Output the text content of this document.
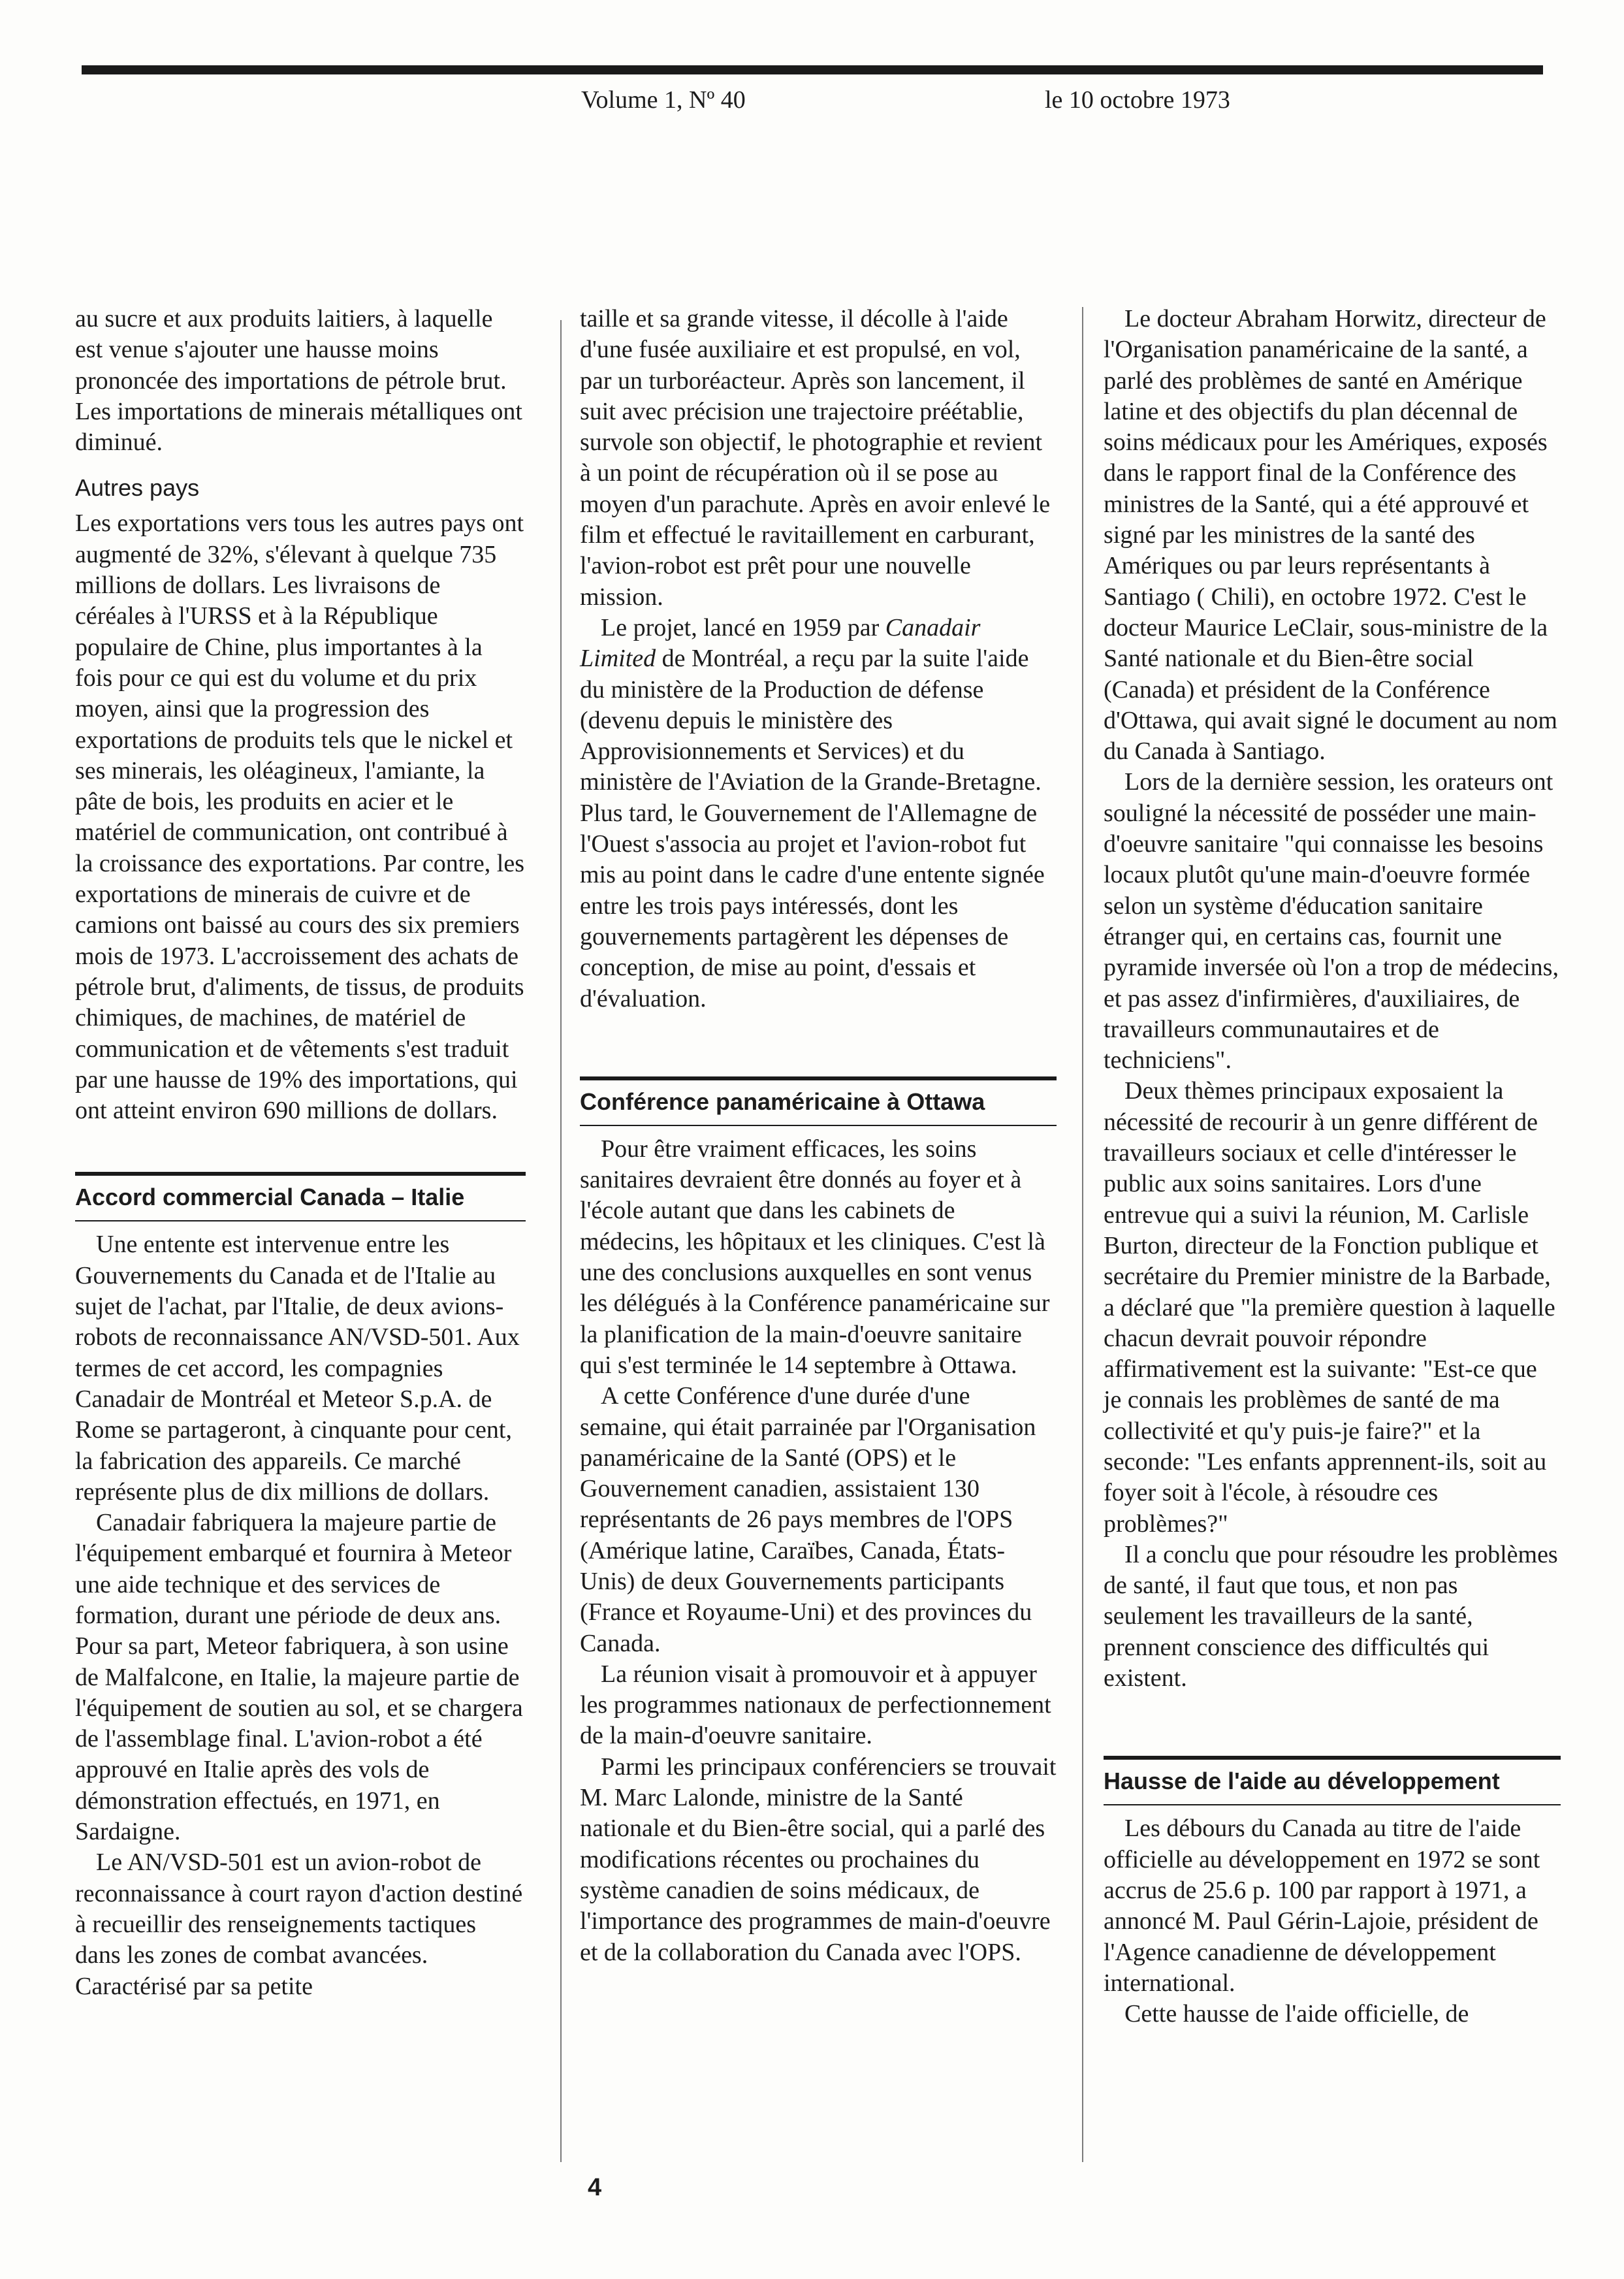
Volume 1, Nº 40	le 10 octobre 1973

au sucre et aux produits laitiers, à laquelle est venue s'ajouter une hausse moins prononcée des importations de pétrole brut. Les importations de minerais métalliques ont diminué.

Autres pays

Les exportations vers tous les autres pays ont augmenté de 32%, s'élevant à quelque 735 millions de dollars. Les livraisons de céréales à l'URSS et à la République populaire de Chine, plus importantes à la fois pour ce qui est du volume et du prix moyen, ainsi que la progression des exportations de produits tels que le nickel et ses minerais, les oléagineux, l'amiante, la pâte de bois, les produits en acier et le matériel de communication, ont contribué à la croissance des exportations. Par contre, les exportations de minerais de cuivre et de camions ont baissé au cours des six premiers mois de 1973. L'accroissement des achats de pétrole brut, d'aliments, de tissus, de produits chimiques, de machines, de matériel de communication et de vêtements s'est traduit par une hausse de 19% des importations, qui ont atteint environ 690 millions de dollars.

Accord commercial Canada – Italie

Une entente est intervenue entre les Gouvernements du Canada et de l'Italie au sujet de l'achat, par l'Italie, de deux avions-robots de reconnaissance AN/VSD-501. Aux termes de cet accord, les compagnies Canadair de Montréal et Meteor S.p.A. de Rome se partageront, à cinquante pour cent, la fabrication des appareils. Ce marché représente plus de dix millions de dollars.

Canadair fabriquera la majeure partie de l'équipement embarqué et fournira à Meteor une aide technique et des services de formation, durant une période de deux ans. Pour sa part, Meteor fabriquera, à son usine de Malfalcone, en Italie, la majeure partie de l'équipement de soutien au sol, et se chargera de l'assemblage final. L'avion-robot a été approuvé en Italie après des vols de démonstration effectués, en 1971, en Sardaigne.

Le AN/VSD-501 est un avion-robot de reconnaissance à court rayon d'action destiné à recueillir des renseignements tactiques dans les zones de combat avancées. Caractérisé par sa petite

taille et sa grande vitesse, il décolle à l'aide d'une fusée auxiliaire et est propulsé, en vol, par un turboréacteur. Après son lancement, il suit avec précision une trajectoire préétablie, survole son objectif, le photographie et revient à un point de récupération où il se pose au moyen d'un parachute. Après en avoir enlevé le film et effectué le ravitaillement en carburant, l'avion-robot est prêt pour une nouvelle mission.

Le projet, lancé en 1959 par Canadair Limited de Montréal, a reçu par la suite l'aide du ministère de la Production de défense (devenu depuis le ministère des Approvisionnements et Services) et du ministère de l'Aviation de la Grande-Bretagne. Plus tard, le Gouvernement de l'Allemagne de l'Ouest s'associa au projet et l'avion-robot fut mis au point dans le cadre d'une entente signée entre les trois pays intéressés, dont les gouvernements partagèrent les dépenses de conception, de mise au point, d'essais et d'évaluation.

Conférence panaméricaine à Ottawa

Pour être vraiment efficaces, les soins sanitaires devraient être donnés au foyer et à l'école autant que dans les cabinets de médecins, les hôpitaux et les cliniques. C'est là une des conclusions auxquelles en sont venus les délégués à la Conférence panaméricaine sur la planification de la main-d'oeuvre sanitaire qui s'est terminée le 14 septembre à Ottawa.

A cette Conférence d'une durée d'une semaine, qui était parrainée par l'Organisation panaméricaine de la Santé (OPS) et le Gouvernement canadien, assistaient 130 représentants de 26 pays membres de l'OPS (Amérique latine, Caraïbes, Canada, États-Unis) de deux Gouvernements participants (France et Royaume-Uni) et des provinces du Canada.

La réunion visait à promouvoir et à appuyer les programmes nationaux de perfectionnement de la main-d'oeuvre sanitaire.

Parmi les principaux conférenciers se trouvait M. Marc Lalonde, ministre de la Santé nationale et du Bien-être social, qui a parlé des modifications récentes ou prochaines du système canadien de soins médicaux, de l'importance des programmes de main-d'oeuvre et de la collaboration du Canada avec l'OPS.

Le docteur Abraham Horwitz, directeur de l'Organisation panaméricaine de la santé, a parlé des problèmes de santé en Amérique latine et des objectifs du plan décennal de soins médicaux pour les Amériques, exposés dans le rapport final de la Conférence des ministres de la Santé, qui a été approuvé et signé par les ministres de la santé des Amériques ou par leurs représentants à Santiago ( Chili), en octobre 1972. C'est le docteur Maurice LeClair, sous-ministre de la Santé nationale et du Bien-être social (Canada) et président de la Conférence d'Ottawa, qui avait signé le document au nom du Canada à Santiago.

Lors de la dernière session, les orateurs ont souligné la nécessité de posséder une main-d'oeuvre sanitaire "qui connaisse les besoins locaux plutôt qu'une main-d'oeuvre formée selon un système d'éducation sanitaire étranger qui, en certains cas, fournit une pyramide inversée où l'on a trop de médecins, et pas assez d'infirmières, d'auxiliaires, de travailleurs communautaires et de techniciens".

Deux thèmes principaux exposaient la nécessité de recourir à un genre différent de travailleurs sociaux et celle d'intéresser le public aux soins sanitaires. Lors d'une entrevue qui a suivi la réunion, M. Carlisle Burton, directeur de la Fonction publique et secrétaire du Premier ministre de la Barbade, a déclaré que "la première question à laquelle chacun devrait pouvoir répondre affirmativement est la suivante: "Est-ce que je connais les problèmes de santé de ma collectivité et qu'y puis-je faire?" et la seconde: "Les enfants apprennent-ils, soit au foyer soit à l'école, à résoudre ces problèmes?"

Il a conclu que pour résoudre les problèmes de santé, il faut que tous, et non pas seulement les travailleurs de la santé, prennent conscience des difficultés qui existent.

Hausse de l'aide au développement

Les débours du Canada au titre de l'aide officielle au développement en 1972 se sont accrus de 25.6 p. 100 par rapport à 1971, a annoncé M. Paul Gérin-Lajoie, président de l'Agence canadienne de développement international.

Cette hausse de l'aide officielle, de

4
